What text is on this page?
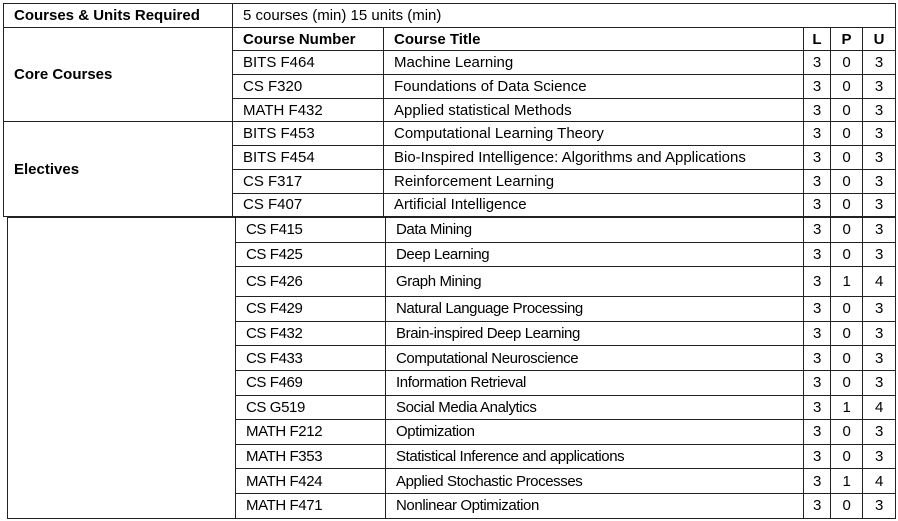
Courses & Units Required	5 courses (min) 15 units (min)				
Core Courses	Course Number	Course Title	L	P	U
	BITS F464	Machine Learning	3	0	3
	CS F320	Foundations of Data Science	3	0	3
	MATH F432	Applied statistical Methods	3	0	3
Electives	BITS F453	Computational Learning Theory	3	0	3
	BITS F454	Bio-Inspired Intelligence: Algorithms and Applications	3	0	3
	CS F317	Reinforcement Learning	3	0	3
	CS F407	Artificial Intelligence	3	0	3
	CS F415	Data Mining	3	0	3
	CS F425	Deep Learning	3	0	3
	CS F426	Graph Mining	3	1	4
	CS F429	Natural Language Processing	3	0	3
	CS F432	Brain-inspired Deep Learning	3	0	3
	CS F433	Computational Neuroscience	3	0	3
	CS F469	Information Retrieval	3	0	3
	CS G519	Social Media Analytics	3	1	4
	MATH F212	Optimization	3	0	3
	MATH F353	Statistical Inference and applications	3	0	3
	MATH F424	Applied Stochastic Processes	3	1	4
	MATH F471	Nonlinear Optimization	3	0	3
